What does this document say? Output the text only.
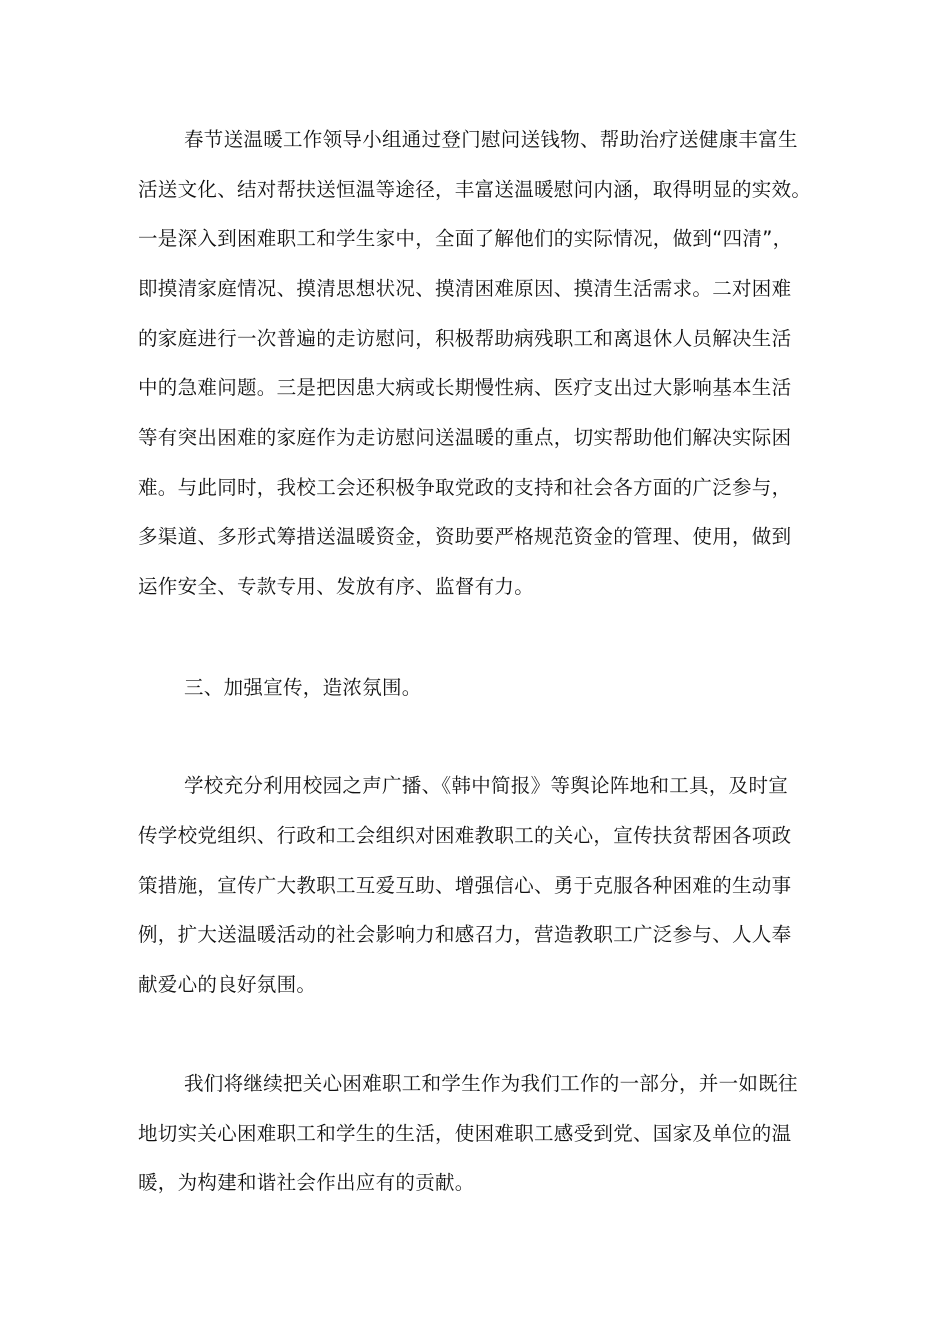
春节送温暖工作领导小组通过登门慰问送钱物、帮助治疗送健康丰富生
活送文化、结对帮扶送恒温等途径，丰富送温暖慰问内涵，取得明显的实效。
一是深入到困难职工和学生家中，全面了解他们的实际情况，做到“四清”，
即摸清家庭情况、摸清思想状况、摸清困难原因、摸清生活需求。二对困难
的家庭进行一次普遍的走访慰问，积极帮助病残职工和离退休人员解决生活
中的急难问题。三是把因患大病或长期慢性病、医疗支出过大影响基本生活
等有突出困难的家庭作为走访慰问送温暖的重点，切实帮助他们解决实际困
难。与此同时，我校工会还积极争取党政的支持和社会各方面的广泛参与，
多渠道、多形式筹措送温暖资金，资助要严格规范资金的管理、使用，做到
运作安全、专款专用、发放有序、监督有力。
三、加强宣传，造浓氛围。
学校充分利用校园之声广播、《韩中简报》等舆论阵地和工具，及时宣
传学校党组织、行政和工会组织对困难教职工的关心，宣传扶贫帮困各项政
策措施，宣传广大教职工互爱互助、增强信心、勇于克服各种困难的生动事
例，扩大送温暖活动的社会影响力和感召力，营造教职工广泛参与、人人奉
献爱心的良好氛围。
我们将继续把关心困难职工和学生作为我们工作的一部分，并一如既往
地切实关心困难职工和学生的生活，使困难职工感受到党、国家及单位的温
暖，为构建和谐社会作出应有的贡献。
